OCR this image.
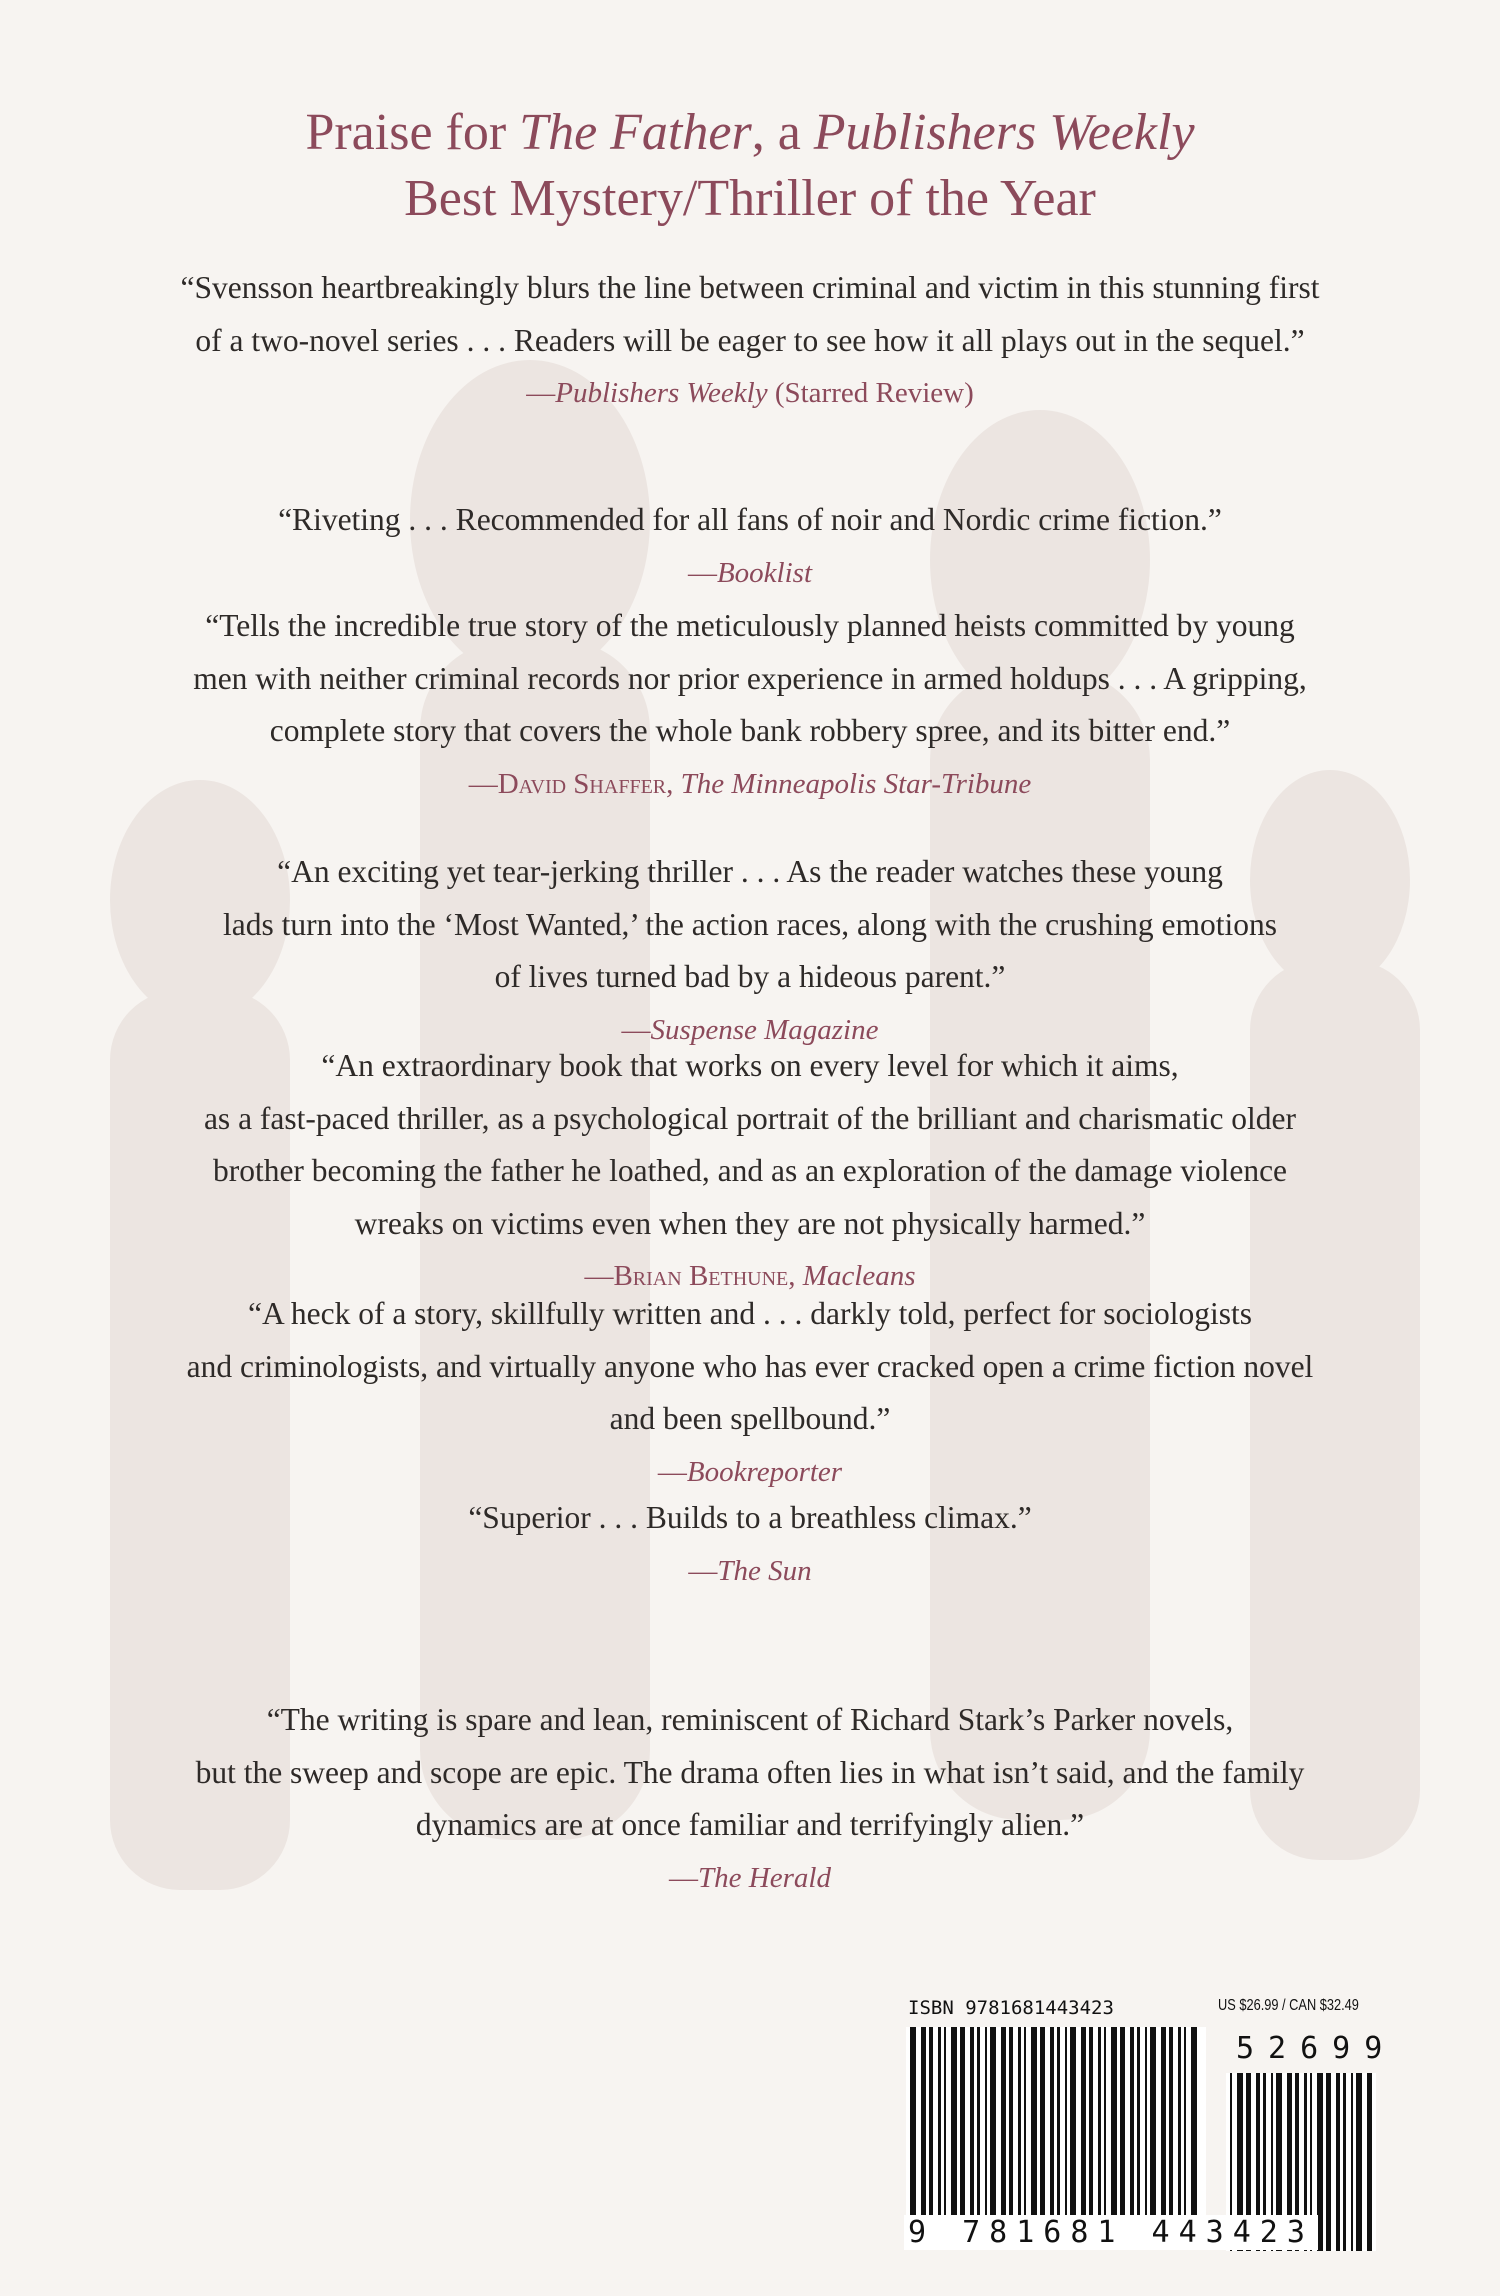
Praise for The Father, a Publishers Weekly
Best Mystery/Thriller of the Year
“Svensson heartbreakingly blurs the line between criminal and victim in this stunning first
of a two-novel series . . . Readers will be eager to see how it all plays out in the sequel.”
—Publishers Weekly (Starred Review)
“Riveting . . . Recommended for all fans of noir and Nordic crime fiction.”
—Booklist
“Tells the incredible true story of the meticulously planned heists committed by young
men with neither criminal records nor prior experience in armed holdups . . . A gripping,
complete story that covers the whole bank robbery spree, and its bitter end.”
—David Shaffer, The Minneapolis Star-Tribune
“An exciting yet tear-jerking thriller . . . As the reader watches these young
lads turn into the ‘Most Wanted,’ the action races, along with the crushing emotions
of lives turned bad by a hideous parent.”
—Suspense Magazine
“An extraordinary book that works on every level for which it aims,
as a fast-paced thriller, as a psychological portrait of the brilliant and charismatic older
brother becoming the father he loathed, and as an exploration of the damage violence
wreaks on victims even when they are not physically harmed.”
—Brian Bethune, Macleans
“A heck of a story, skillfully written and . . . darkly told, perfect for sociologists
and criminologists, and virtually anyone who has ever cracked open a crime fiction novel
and been spellbound.”
—Bookreporter
“Superior . . . Builds to a breathless climax.”
—The Sun
“The writing is spare and lean, reminiscent of Richard Stark’s Parker novels,
but the sweep and scope are epic. The drama often lies in what isn’t said, and the family
dynamics are at once familiar and terrifyingly alien.”
—The Herald
ISBN 9781681443423	US $26.99 / CAN $32.49
9 781681 443423
52699
